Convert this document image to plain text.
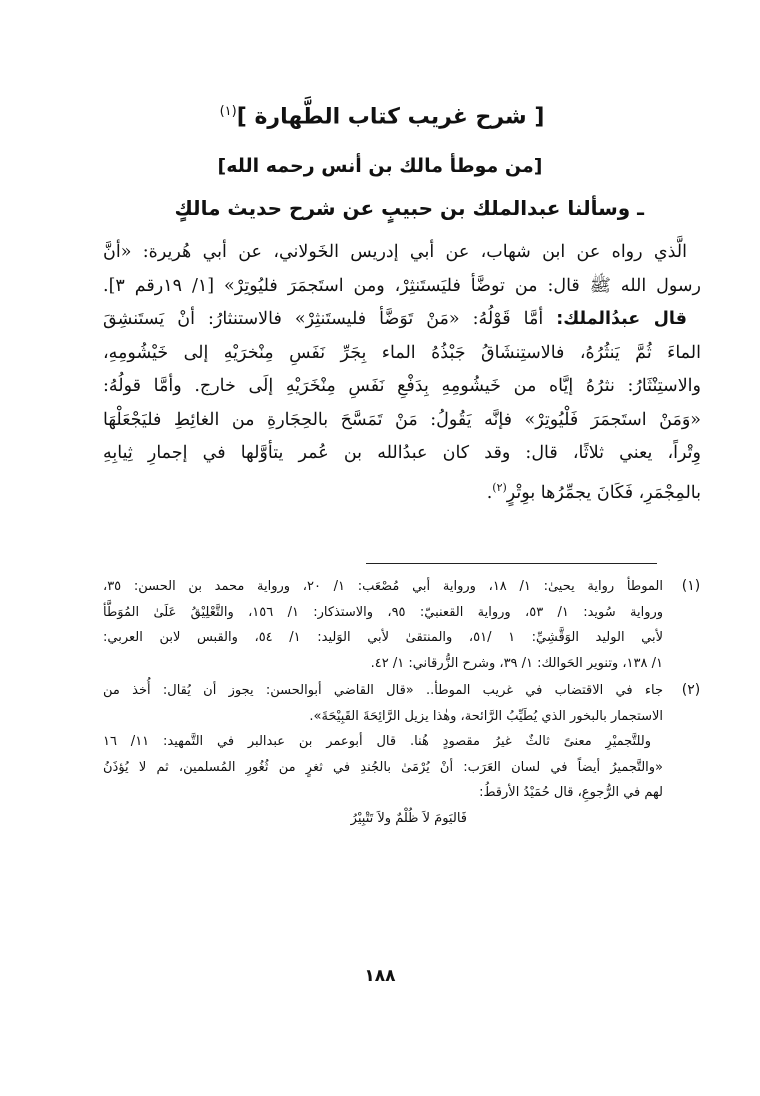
[ شرح غريب كتاب الطَّهارة ]$^{(١)}$
[من موطأ مالك بن أنس رحمه الله]
ـ وسألنا عبدالملك بن حبيبٍ عن شرح حديث مالكٍ
الَّذي رواه عن ابن شهاب، عن أبي إدريس الخَولاني، عن أبي هُريرة: «أنَّ
رسول الله ﷺ قال: من توضَّأ فليَستَنثِرْ، ومن استَجمَرَ فليُوتِرْ» [١/ ١٩رقم ٣].
قال عبدُالملك: أمَّا قَوْلُهُ: «مَنْ تَوَضَّأ فليستَنثِرْ» فالاستنثارُ: أنْ يَستَنشِقَ
الماءَ ثُمَّ يَنثُرُهُ، فالاستِنشَاقُ جَبْذُهُ الماء بِجَرِّ نَفَسِ مِنْخرَيْهِ إلى خَيْشُومِهِ،
والاستِنْثَارُ: نثرُهُ إيَّاه من خَيشُومِهِ بِدَفْعِ نَفَسِ مِنْخَرَيْهِ إلَى خارج. وأمَّا قولُهُ:
«وَمَنْ استَجمَرَ فَلْيُوتِرْ» فإنَّه يَقُولُ: مَنْ تَمَسَّحَ بالحِجَارةِ من الغائِطِ فليَجْعَلْهَا
وِتْراً، يعني ثلاثًا، قال: وقد كان عبدُالله بن عُمر يتأوَّلها في إجمارِ ثِيابِهِ
بالمِجْمَرِ، فَكَانَ يجمِّرُها بوِتْرٍ$^{(٢)}$.
(١)
الموطأ رواية يحيىٰ: ١/ ١٨، ورواية أبي مُصْعَب: ١/ ٢٠، ورواية محمد بن الحسن: ٣٥،
ورواية سُويد: ١/ ٥٣، ورواية القعنبيّ: ٩٥، والاستذكار: ١/ ١٥٦، والتَّعْلِيْقُ عَلَىٰ المُوَطَّأ
لأبي الوليد الوَقَّشِيِّ: ١ /٥١، والمنتقىٰ لأبي الوَليد: ١/ ٥٤، والقبس لابن العربي:
١/ ١٣٨، وتنوير الحَوالك: ١/ ٣٩، وشرح الزُّرقاني: ١/ ٤٢.
(٢)
جاء في الاقتضاب في غريب الموطأ.. «قال القاضي أبوالحسن: يجوز أن يُقال: أُخذ من
الاستجمار بالبخور الذي يُطَيِّبُ الرَّائحة، وهٰذا يزيل الرَّائِحَةَ القَبِيْحَةَ».
وللتَّجميْرِ معنىً ثالثٌ غيرُ مقصودٍ هُنا. قال أبوعمر بن عبدالبر في التَّمهيد: ١١/ ١٦
«والتَّجميرُ أيضاً في لسان العَرَب: أنْ يُرْمَىٰ بالجُندِ في ثغرٍ من ثُغُورِ المُسلمين، ثم لا يُؤذَنُ
لهم في الرُّجوعِ، قال حُمَيْدُ الأرقطُ:
فَاليَومَ لاَ ظُلْمٌ ولاَ تَتْبِيْرُ
١٨٨
